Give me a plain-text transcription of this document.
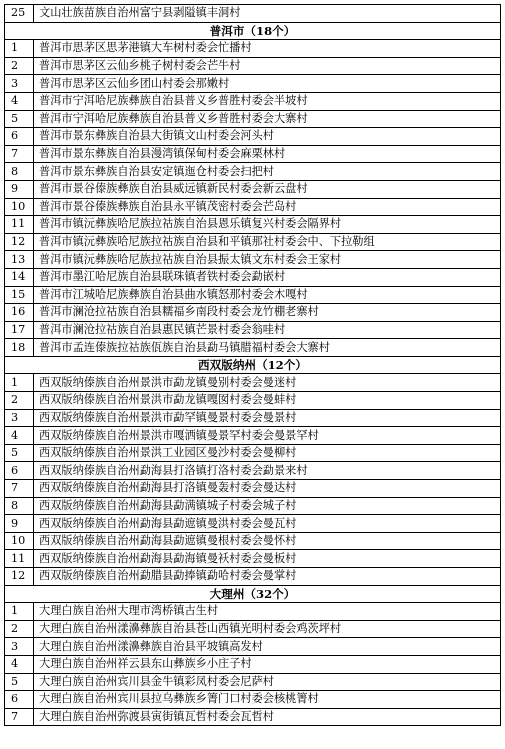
25	文山壮族苗族自治州富宁县剥隘镇丰洞村
普洱市（18个）	
1	普洱市思茅区思茅港镇大车树村委会忙播村
2	普洱市思茅区云仙乡桃子树村委会芒牛村
3	普洱市思茅区云仙乡团山村委会那嫩村
4	普洱市宁洱哈尼族彝族自治县普义乡普胜村委会半坡村
5	普洱市宁洱哈尼族彝族自治县普义乡普胜村委会大寨村
6	普洱市景东彝族自治县大街镇文山村委会河头村
7	普洱市景东彝族自治县漫湾镇保甸村委会麻栗林村
8	普洱市景东彝族自治县安定镇迤仓村委会扫把村
9	普洱市景谷傣族彝族自治县威远镇新民村委会新云盘村
10	普洱市景谷傣族彝族自治县永平镇茂密村委会芒岛村
11	普洱市镇沅彝族哈尼族拉祜族自治县恩乐镇复兴村委会隔界村
12	普洱市镇沅彝族哈尼族拉祜族自治县和平镇那社村委会中、下拉勒组
13	普洱市镇沅彝族哈尼族拉祜族自治县振太镇文东村委会王家村
14	普洱市墨江哈尼族自治县联珠镇者铁村委会勐嵌村
15	普洱市江城哈尼族彝族自治县曲水镇怒那村委会木嘎村
16	普洱市澜沧拉祜族自治县糯福乡南段村委会龙竹棚老寨村
17	普洱市澜沧拉祜族自治县惠民镇芒景村委会翁哇村
18	普洱市孟连傣族拉祜族佤族自治县勐马镇腊福村委会大寨村
西双版纳州（12个）	
1	西双版纳傣族自治州景洪市勐龙镇曼别村委会曼迷村
2	西双版纳傣族自治州景洪市勐龙镇嘎囡村委会曼蚌村
3	西双版纳傣族自治州景洪市勐罕镇曼景村委会曼景村
4	西双版纳傣族自治州景洪市嘎洒镇曼景罕村委会曼景罕村
5	西双版纳傣族自治州景洪工业园区曼沙村委会曼柳村
6	西双版纳傣族自治州勐海县打洛镇打洛村委会勐景来村
7	西双版纳傣族自治州勐海县打洛镇曼轰村委会曼达村
8	西双版纳傣族自治州勐海县勐满镇城子村委会城子村
9	西双版纳傣族自治州勐海县勐遮镇曼洪村委会曼瓦村
10	西双版纳傣族自治州勐海县勐遮镇曼根村委会曼怀村
11	西双版纳傣族自治州勐海县勐海镇曼袄村委会曼板村
12	西双版纳傣族自治州勐腊县勐捧镇勐哈村委会曼掌村
大理州（32个）	
1	大理白族自治州大理市湾桥镇古生村
2	大理白族自治州漾濞彝族自治县苍山西镇光明村委会鸡茨坪村
3	大理白族自治州漾濞彝族自治县平坡镇高发村
4	大理白族自治州祥云县东山彝族乡小庄子村
5	大理白族自治州宾川县金牛镇彩凤村委会尼萨村
6	大理白族自治州宾川县拉乌彝族乡箐门口村委会核桃箐村
7	大理白族自治州弥渡县寅街镇瓦哲村委会瓦哲村
